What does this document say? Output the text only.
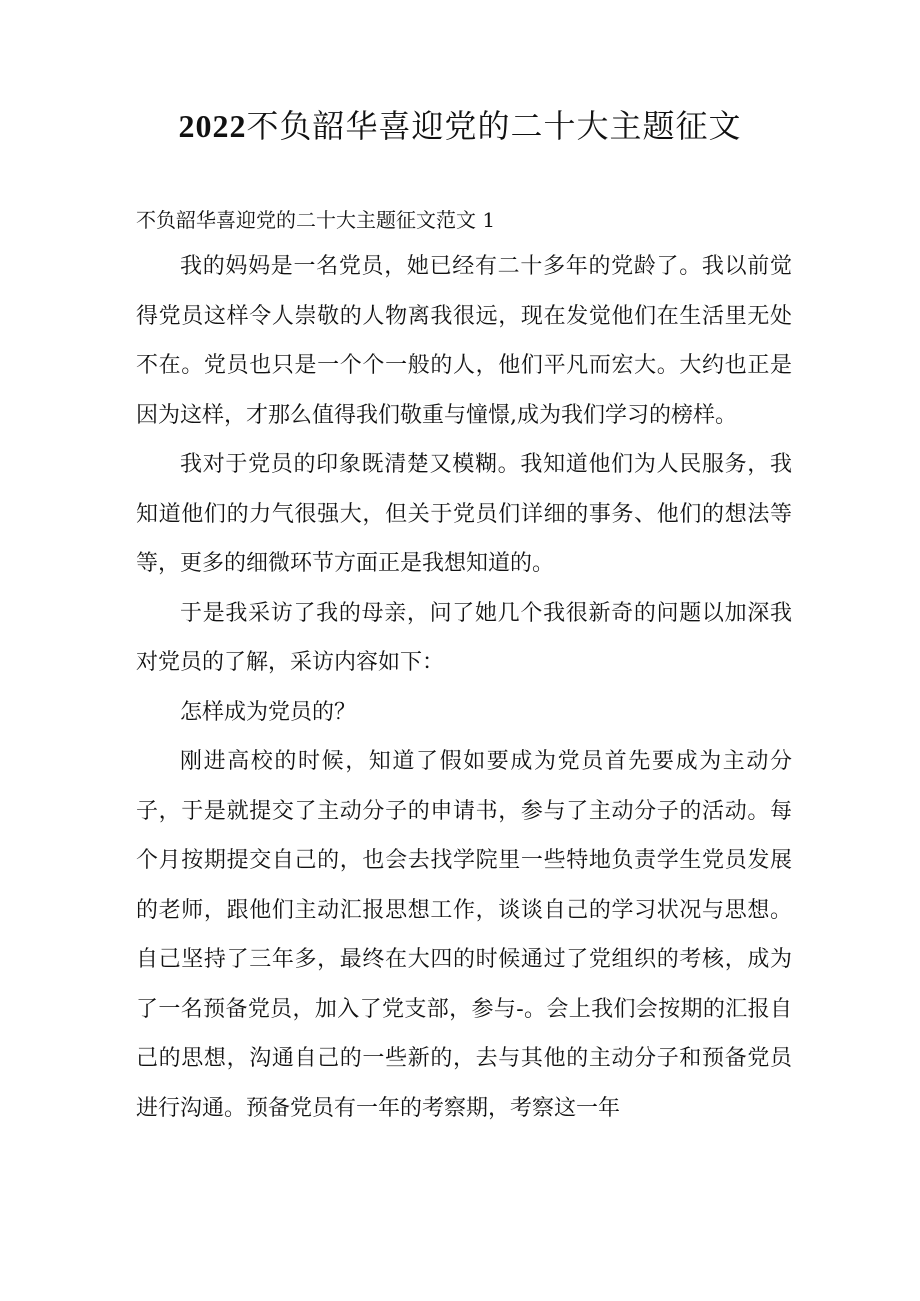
2022不负韶华喜迎党的二十大主题征文

不负韶华喜迎党的二十大主题征文范文 1

我的妈妈是一名党员，她已经有二十多年的党龄了。我以前觉得党员这样令人崇敬的人物离我很远，现在发觉他们在生活里无处不在。党员也只是一个个一般的人，他们平凡而宏大。大约也正是因为这样，才那么值得我们敬重与憧憬,成为我们学习的榜样。

我对于党员的印象既清楚又模糊。我知道他们为人民服务，我知道他们的力气很强大，但关于党员们详细的事务、他们的想法等等，更多的细微环节方面正是我想知道的。

于是我采访了我的母亲，问了她几个我很新奇的问题以加深我对党员的了解，采访内容如下：

怎样成为党员的？

刚进高校的时候，知道了假如要成为党员首先要成为主动分子，于是就提交了主动分子的申请书，参与了主动分子的活动。每个月按期提交自己的，也会去找学院里一些特地负责学生党员发展的老师，跟他们主动汇报思想工作，谈谈自己的学习状况与思想。自己坚持了三年多，最终在大四的时候通过了党组织的考核，成为了一名预备党员，加入了党支部，参与-。会上我们会按期的汇报自己的思想，沟通自己的一些新的，去与其他的主动分子和预备党员进行沟通。预备党员有一年的考察期，考察这一年
